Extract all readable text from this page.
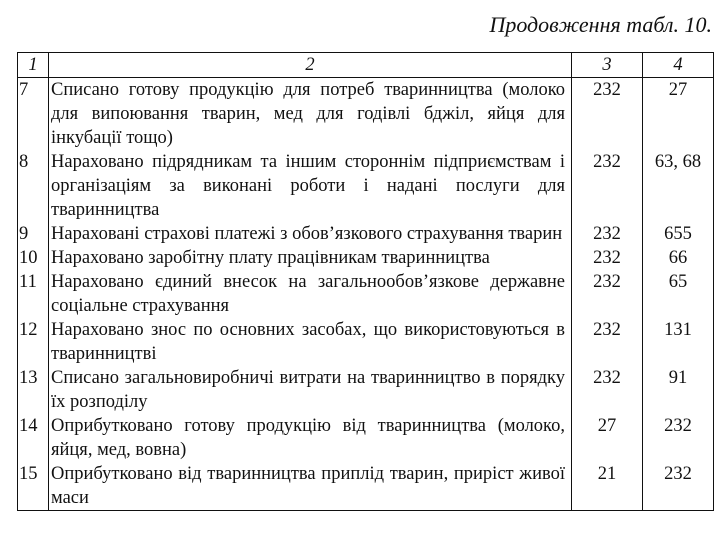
Продовження табл. 10.
1	2	3	4
7	Списано готову продукцію для потреб тваринництва (молоко для випоювання тварин, мед для годівлі бджіл, яйця для інкубації тощо)	232	27
8	Нараховано підрядникам та іншим стороннім підприємствам і організаціям за виконані роботи і надані послуги для тваринництва	232	63, 68
9	Нараховані страхові платежі з обов’язкового страхування тварин	232	655
10	Нараховано заробітну плату працівникам тваринництва	232	66
11	Нараховано єдиний внесок на загальнообов’язкове державне соціальне страхування	232	65
12	Нараховано знос по основних засобах, що використовуються в тваринництві	232	131
13	Списано загальновиробничі витрати на тваринництво в порядку їх розподілу	232	91
14	Оприбутковано готову продукцію від тваринництва (молоко, яйця, мед, вовна)	27	232
15	Оприбутковано від тваринництва приплід тварин, приріст живої маси	21	232
